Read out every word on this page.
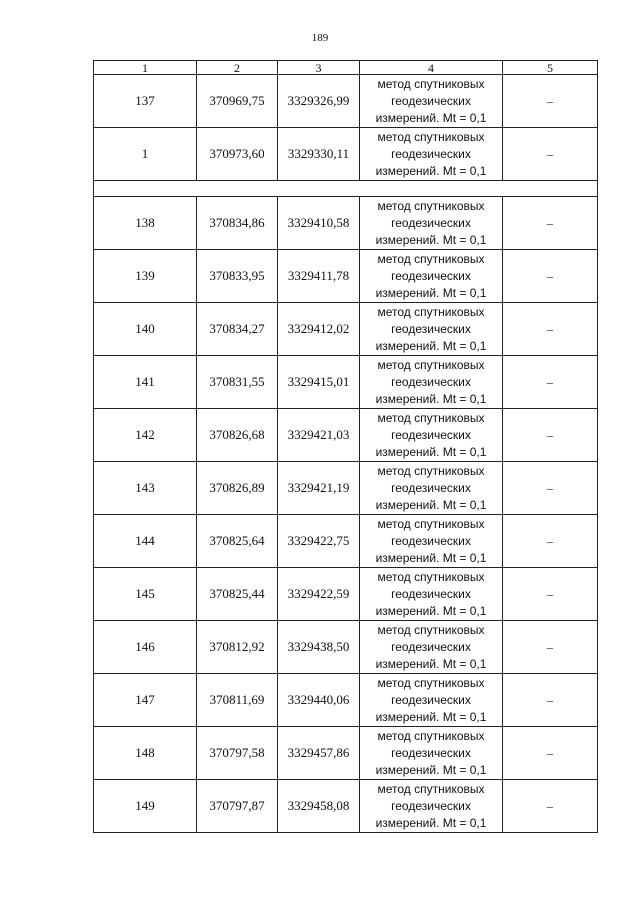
189
1	2	3	4	5
137	370969,75	3329326,99	метод спутниковых
геодезических
измерений. Mt = 0,1	–
1	370973,60	3329330,11	метод спутниковых
геодезических
измерений. Mt = 0,1	–

138	370834,86	3329410,58	метод спутниковых
геодезических
измерений. Mt = 0,1	–
139	370833,95	3329411,78	метод спутниковых
геодезических
измерений. Mt = 0,1	–
140	370834,27	3329412,02	метод спутниковых
геодезических
измерений. Mt = 0,1	–
141	370831,55	3329415,01	метод спутниковых
геодезических
измерений. Mt = 0,1	–
142	370826,68	3329421,03	метод спутниковых
геодезических
измерений. Mt = 0,1	–
143	370826,89	3329421,19	метод спутниковых
геодезических
измерений. Mt = 0,1	–
144	370825,64	3329422,75	метод спутниковых
геодезических
измерений. Mt = 0,1	–
145	370825,44	3329422,59	метод спутниковых
геодезических
измерений. Mt = 0,1	–
146	370812,92	3329438,50	метод спутниковых
геодезических
измерений. Mt = 0,1	–
147	370811,69	3329440,06	метод спутниковых
геодезических
измерений. Mt = 0,1	–
148	370797,58	3329457,86	метод спутниковых
геодезических
измерений. Mt = 0,1	–
149	370797,87	3329458,08	метод спутниковых
геодезических
измерений. Mt = 0,1	–
